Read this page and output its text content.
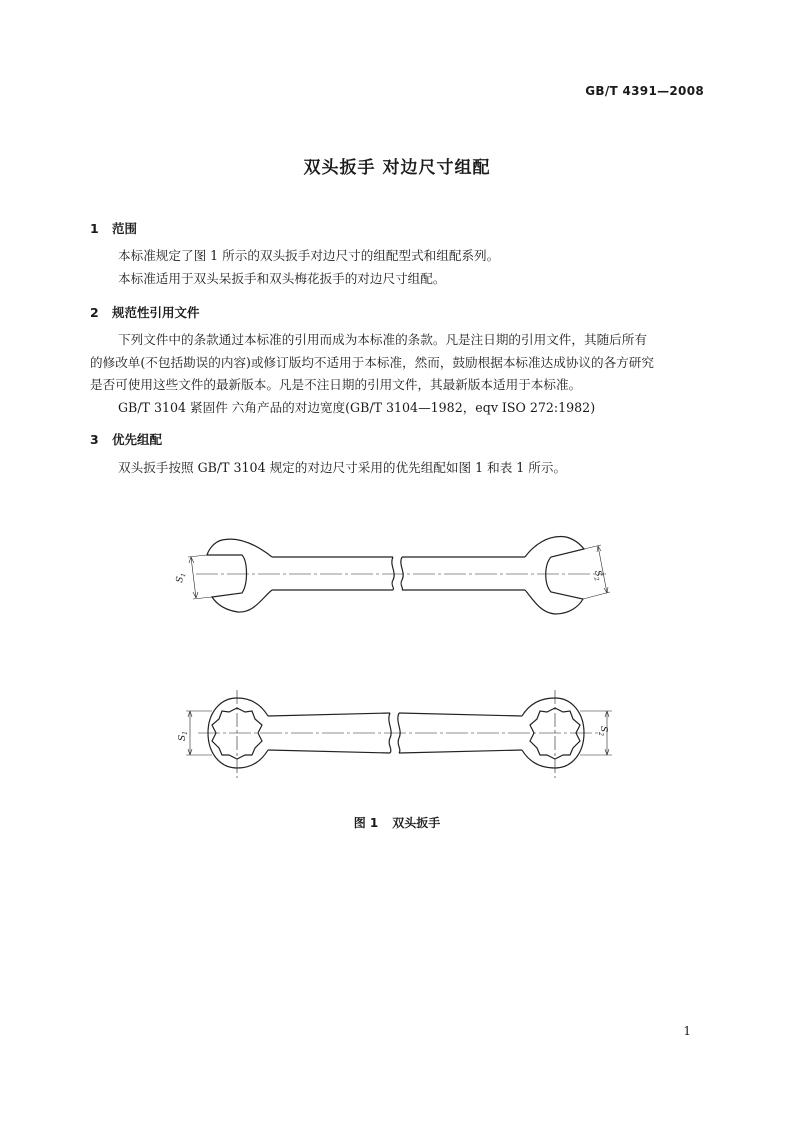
GB/T 4391—2008
双头扳手 对边尺寸组配
1 范围
本标准规定了图 1 所示的双头扳手对边尺寸的组配型式和组配系列。
本标准适用于双头呆扳手和双头梅花扳手的对边尺寸组配。
2 规范性引用文件
下列文件中的条款通过本标准的引用而成为本标准的条款。凡是注日期的引用文件，其随后所有
的修改单(不包括勘误的内容)或修订版均不适用于本标准，然而，鼓励根据本标准达成协议的各方研究
是否可使用这些文件的最新版本。凡是不注日期的引用文件，其最新版本适用于本标准。
GB/T 3104 紧固件 六角产品的对边宽度(GB/T 3104—1982，eqv ISO 272:1982)
3 优先组配
双头扳手按照 GB/T 3104 规定的对边尺寸采用的优先组配如图 1 和表 1 所示。
$S_1$	$S_2$
$S_1$
$S_2$
图 1 双头扳手
1
